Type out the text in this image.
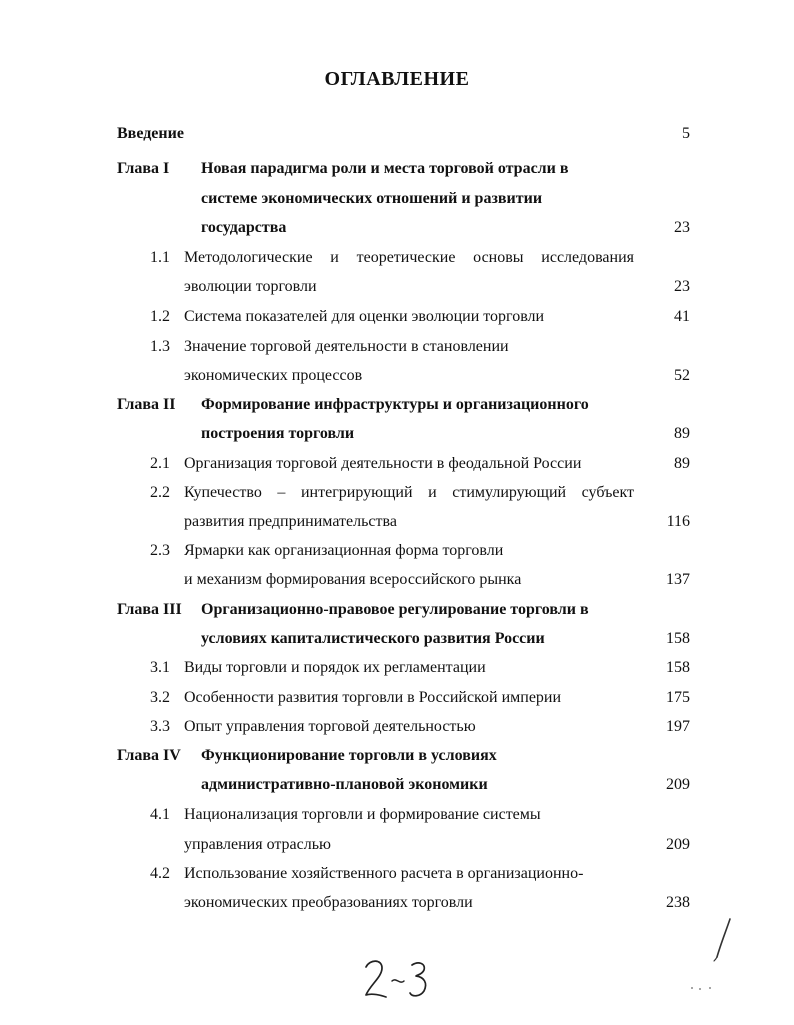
ОГЛАВЛЕНИЕ
Введение	5
Глава I Новая парадигма роли и места торговой отрасли в
системе экономических отношений и развитии
государства	23
1.1 Методологические и теоретические основы исследования
эволюции торговли	23
1.2 Система показателей для оценки эволюции торговли	41
1.3 Значение торговой деятельности в становлении
экономических процессов	52
Глава II Формирование инфраструктуры и организационного
построения торговли	89
2.1 Организация торговой деятельности в феодальной России	89
2.2 Купечество – интегрирующий и стимулирующий субъект
развития предпринимательства	116
2.3 Ярмарки как организационная форма торговли
и механизм формирования всероссийского рынка	137
Глава III Организационно-правовое регулирование торговли в
условиях капиталистического развития России	158
3.1 Виды торговли и порядок их регламентации	158
3.2 Особенности развития торговли в Российской империи	175
3.3 Опыт управления торговой деятельностью	197
Глава IV Функционирование торговли в условиях
административно-плановой экономики	209
4.1 Национализация торговли и формирование системы
управления отраслью	209
4.2 Использование хозяйственного расчета в организационно-
экономических преобразованиях торговли	238
